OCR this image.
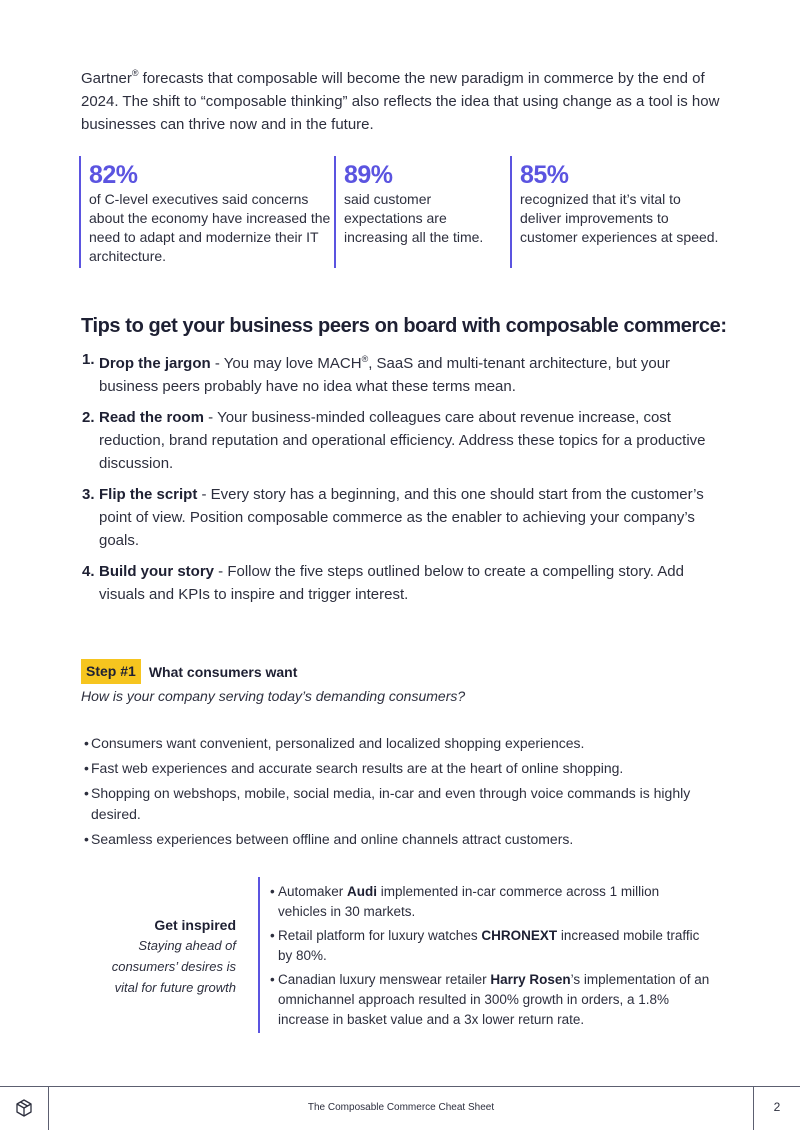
Gartner® forecasts that composable will become the new paradigm in commerce by the end of 2024. The shift to “composable thinking” also reflects the idea that using change as a tool is how businesses can thrive now and in the future.

82%
of C-level executives said concerns about the economy have increased the need to adapt and modernize their IT architecture.
89%
said customer expectations are increasing all the time.
85%
recognized that it’s vital to deliver improvements to customer experiences at speed.
Tips to get your business peers on board with composable commerce:
1. Drop the jargon - You may love MACH®, SaaS and multi-tenant architecture, but your business peers probably have no idea what these terms mean.
2. Read the room - Your business-minded colleagues care about revenue increase, cost reduction, brand reputation and operational efficiency. Address these topics for a productive discussion.
3. Flip the script - Every story has a beginning, and this one should start from the customer’s point of view. Position composable commerce as the enabler to achieving your company’s goals.
4. Build your story - Follow the five steps outlined below to create a compelling story. Add visuals and KPIs to inspire and trigger interest.
Step #1 What consumers want

How is your company serving today’s demanding consumers?

• Consumers want convenient, personalized and localized shopping experiences.
• Fast web experiences and accurate search results are at the heart of online shopping.
• Shopping on webshops, mobile, social media, in-car and even through voice commands is highly desired.
• Seamless experiences between offline and online channels attract customers.
Get inspired
Staying ahead of consumers’ desires is vital for future growth
• Automaker Audi implemented in-car commerce across 1 million vehicles in 30 markets.
• Retail platform for luxury watches CHRONEXT increased mobile traffic by 80%.
• Canadian luxury menswear retailer Harry Rosen’s implementation of an omnichannel approach resulted in 300% growth in orders, a 1.8% increase in basket value and a 3x lower return rate.
The Composable Commerce Cheat Sheet	2
